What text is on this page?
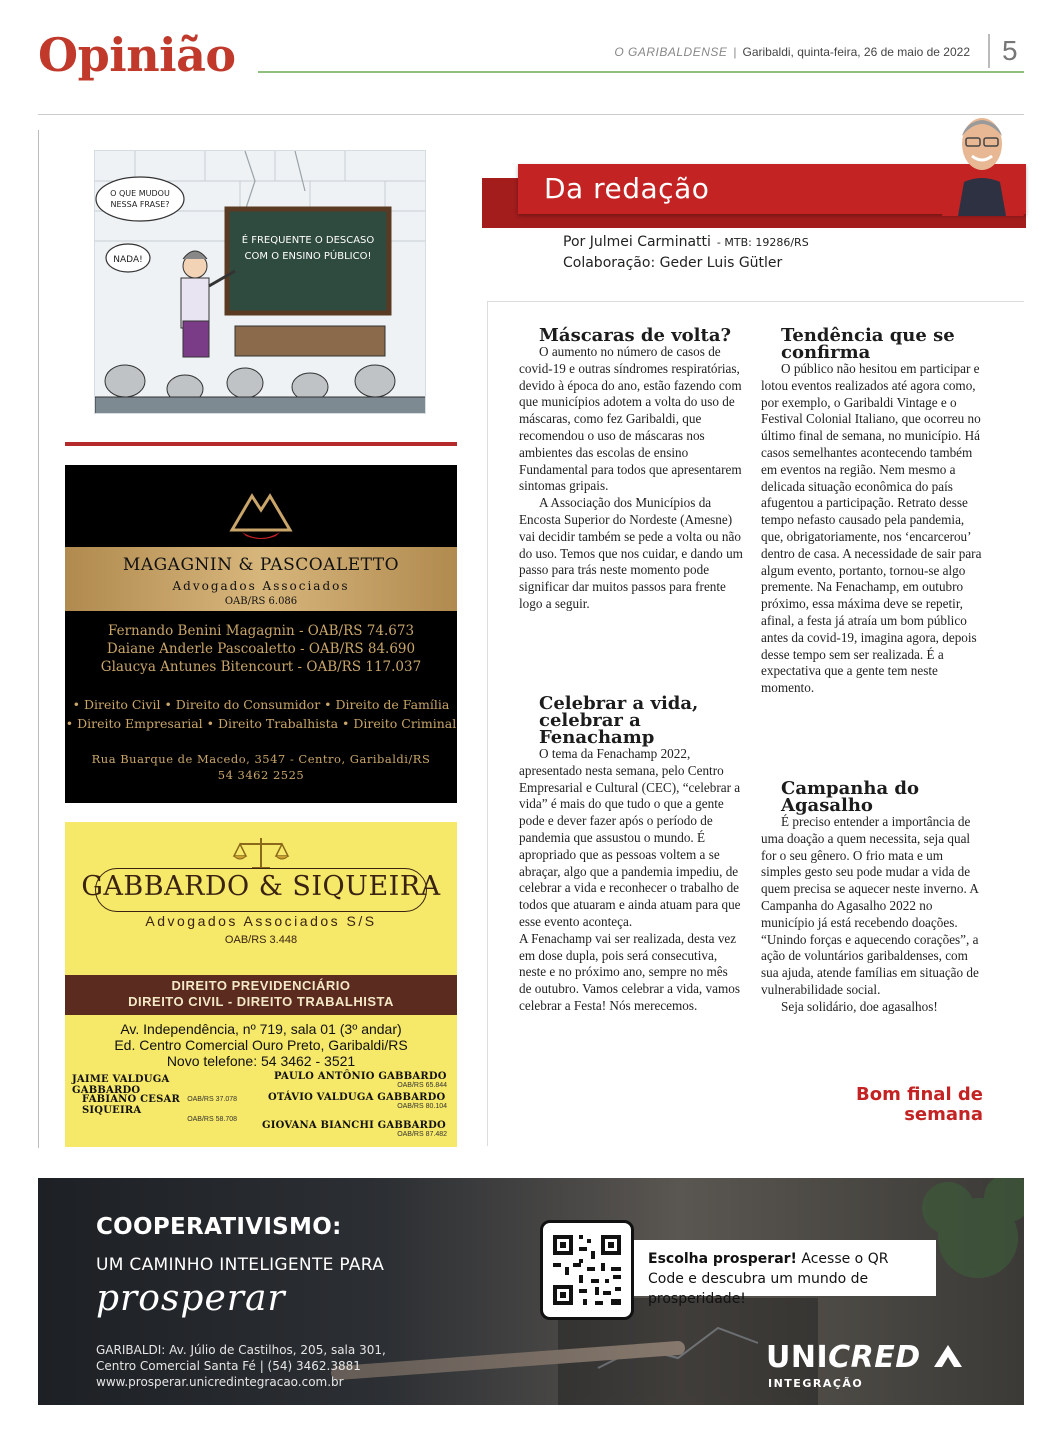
Opinião	O GARIBALDENSE | Garibaldi, quinta-feira, 26 de maio de 2022	5
É FREQUENTE O DESCASO
COM O ENSINO PÚBLICO!
O QUE MUDOU
NESSA FRASE?
NADA!
MAGAGNIN & PASCOALETTO
Advogados Associados
OAB/RS 6.086
Fernando Benini Magagnin - OAB/RS 74.673
Daiane Anderle Pascoaletto - OAB/RS 84.690
Glaucya Antunes Bitencourt - OAB/RS 117.037
• Direito Civil • Direito do Consumidor • Direito de Família
• Direito Empresarial • Direito Trabalhista • Direito Criminal
Rua Buarque de Macedo, 3547 - Centro, Garibaldi/RS
54 3462 2525
GABBARDO & SIQUEIRA
Advogados Associados S/S
OAB/RS 3.448
DIREITO PREVIDENCIÁRIO
DIREITO CIVIL - DIREITO TRABALHISTA
Av. Independência, nº 719, sala 01 (3º andar)
Ed. Centro Comercial Ouro Preto, Garibaldi/RS
Novo telefone: 54 3462 - 3521
JAIME VALDUGA GABBARDO
OAB/RS 37.078
PAULO ANTÔNIO GABBARDO
OAB/RS 65.844
FABIANO CESAR SIQUEIRA
OAB/RS 58.708
OTÁVIO VALDUGA GABBARDO
OAB/RS 80.104
GIOVANA BIANCHI GABBARDO
OAB/RS 87.482
Da redação
Por Julmei Carminatti - MTB: 19286/RS
Colaboração: Geder Luis Gütler
Máscaras de volta?

O aumento no número de casos de covid-19 e outras síndromes respiratórias, devido à época do ano, estão fazendo com que municípios adotem a volta do uso de máscaras, como fez Garibaldi, que recomendou o uso de máscaras nos ambientes das escolas de ensino Fundamental para todos que apresentarem sintomas gripais.

A Associação dos Municípios da Encosta Superior do Nordeste (Amesne) vai decidir também se pede a volta ou não do uso. Temos que nos cuidar, e dando um passo para trás neste momento pode significar dar muitos passos para frente logo a seguir.

Celebrar a vida, celebrar a Fenachamp

O tema da Fenachamp 2022, apresentado nesta semana, pelo Centro Empresarial e Cultural (CEC), “celebrar a vida” é mais do que tudo o que a gente pode e dever fazer após o período de pandemia que assustou o mundo. É apropriado que as pessoas voltem a se abraçar, algo que a pandemia impediu, de celebrar a vida e reconhecer o trabalho de todos que atuaram e ainda atuam para que esse evento aconteça.

A Fenachamp vai ser realizada, desta vez em dose dupla, pois será consecutiva, neste e no próximo ano, sempre no mês de outubro. Vamos celebrar a vida, vamos celebrar a Festa! Nós merecemos.

Tendência que se confirma

O público não hesitou em participar e lotou eventos realizados até agora como, por exemplo, o Garibaldi Vintage e o Festival Colonial Italiano, que ocorreu no último final de semana, no município. Há casos semelhantes acontecendo também em eventos na região. Nem mesmo a delicada situação econômica do país afugentou a participação. Retrato desse tempo nefasto causado pela pandemia, que, obrigatoriamente, nos ‘encarcerou’ dentro de casa. A necessidade de sair para algum evento, portanto, tornou-se algo premente. Na Fenachamp, em outubro próximo, essa máxima deve se repetir, afinal, a festa já atraía um bom público antes da covid-19, imagina agora, depois desse tempo sem ser realizada. É a expectativa que a gente tem neste momento.

Campanha do Agasalho

É preciso entender a importância de uma doação a quem necessita, seja qual for o seu gênero. O frio mata e um simples gesto seu pode mudar a vida de quem precisa se aquecer neste inverno. A Campanha do Agasalho 2022 no município já está recebendo doações. “Unindo forças e aquecendo corações”, a ação de voluntários garibaldenses, com sua ajuda, atende famílias em situação de vulnerabilidade social.

Seja solidário, doe agasalhos!

Bom final de semana
COOPERATIVISMO:
UM CAMINHO INTELIGENTE PARA
prosperar
GARIBALDI: Av. Júlio de Castilhos, 205, sala 301,
Centro Comercial Santa Fé | (54) 3462.3881
www.prosperar.unicredintegracao.com.br
Escolha prosperar! Acesse o QR Code e descubra um mundo de prosperidade!
UNICRED
INTEGRAÇÃO
